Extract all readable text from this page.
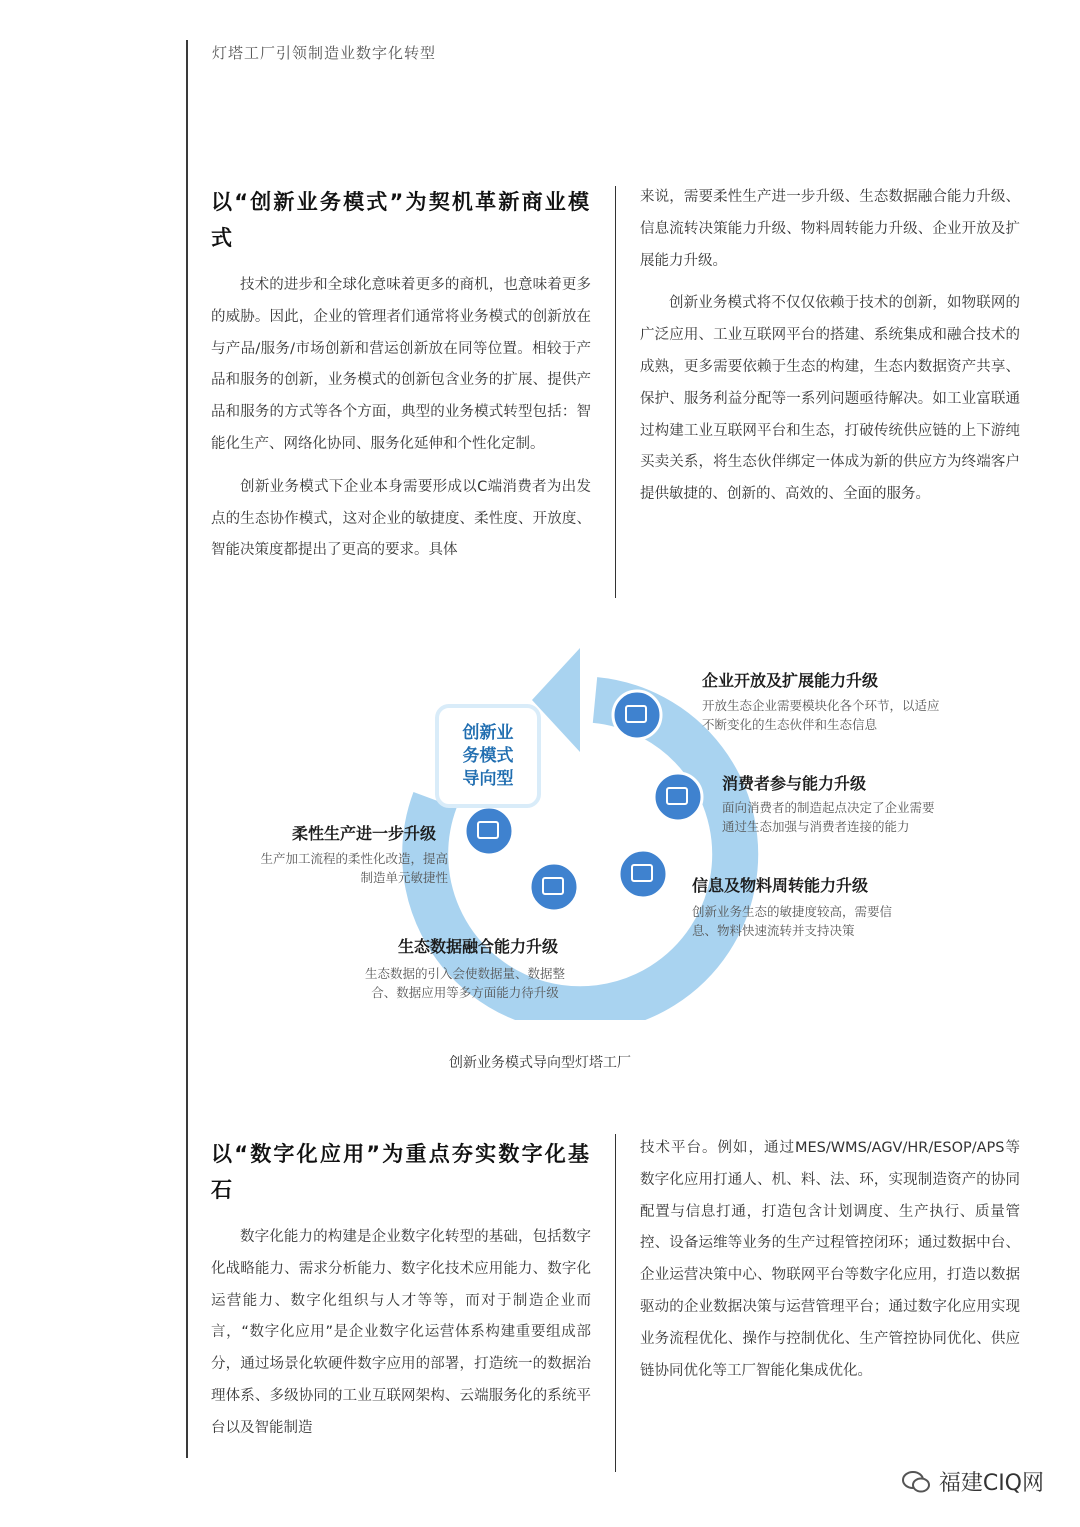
灯塔工厂引领制造业数字化转型
以“创新业务模式”为契机革新商业模式

技术的进步和全球化意味着更多的商机，也意味着更多的威胁。因此，企业的管理者们通常将业务模式的创新放在与产品/服务/市场创新和营运创新放在同等位置。相较于产品和服务的创新，业务模式的创新包含业务的扩展、提供产品和服务的方式等各个方面，典型的业务模式转型包括：智能化生产、网络化协同、服务化延伸和个性化定制。

创新业务模式下企业本身需要形成以C端消费者为出发点的生态协作模式，这对企业的敏捷度、柔性度、开放度、智能决策度都提出了更高的要求。具体

来说，需要柔性生产进一步升级、生态数据融合能力升级、信息流转决策能力升级、物料周转能力升级、企业开放及扩展能力升级。

创新业务模式将不仅仅依赖于技术的创新，如物联网的广泛应用、工业互联网平台的搭建、系统集成和融合技术的成熟，更多需要依赖于生态的构建，生态内数据资产共享、保护、服务利益分配等一系列问题亟待解决。如工业富联通过构建工业互联网平台和生态，打破传统供应链的上下游纯买卖关系，将生态伙伴绑定一体成为新的供应方为终端客户提供敏捷的、创新的、高效的、全面的服务。

创新业
务模式
导向型
企业开放及扩展能力升级
开放生态企业需要模块化各个环节，以适应不断变化的生态伙伴和生态信息
消费者参与能力升级
面向消费者的制造起点决定了企业需要通过生态加强与消费者连接的能力
信息及物料周转能力升级
创新业务生态的敏捷度较高，需要信息、物料快速流转并支持决策
生态数据融合能力升级
生态数据的引入会使数据量、数据整合、数据应用等多方面能力待升级
柔性生产进一步升级
生产加工流程的柔性化改造，提高制造单元敏捷性
创新业务模式导向型灯塔工厂
以“数字化应用”为重点夯实数字化基石

数字化能力的构建是企业数字化转型的基础，包括数字化战略能力、需求分析能力、数字化技术应用能力、数字化运营能力、数字化组织与人才等等，而对于制造企业而言，“数字化应用”是企业数字化运营体系构建重要组成部分，通过场景化软硬件数字应用的部署，打造统一的数据治理体系、多级协同的工业互联网架构、云端服务化的系统平台以及智能制造

技术平台。例如，通过MES/WMS/AGV/HR/ESOP/APS等数字化应用打通人、机、料、法、环，实现制造资产的协同配置与信息打通，打造包含计划调度、生产执行、质量管控、设备运维等业务的生产过程管控闭环；通过数据中台、企业运营决策中心、物联网平台等数字化应用，打造以数据驱动的企业数据决策与运营管理平台；通过数字化应用实现业务流程优化、操作与控制优化、生产管控协同优化、供应链协同优化等工厂智能化集成优化。

福建CIQ网
